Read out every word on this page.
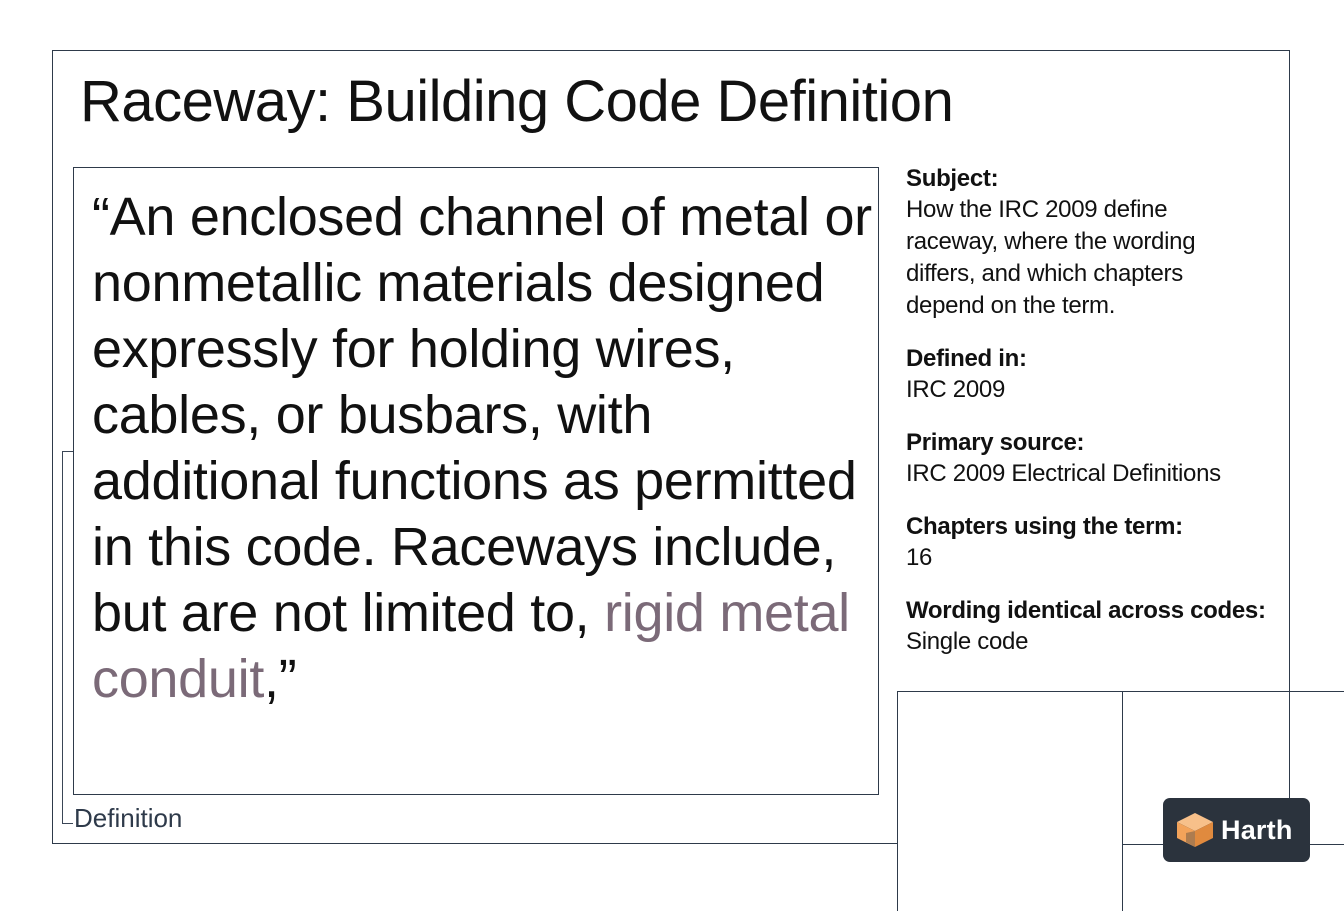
Raceway: Building Code Definition
“An enclosed channel of metal or nonmetallic materials designed expressly for holding wires, cables, or busbars, with additional functions as permitted in this code. Raceways include, but are not limited to, rigid metal conduit,”
Definition
Subject:
How the IRC 2009 define raceway, where the wording differs, and which chapters depend on the term.
Defined in:
IRC 2009
Primary source:
IRC 2009 Electrical Definitions
Chapters using the term:
16
Wording identical across codes:
Single code
Harth
